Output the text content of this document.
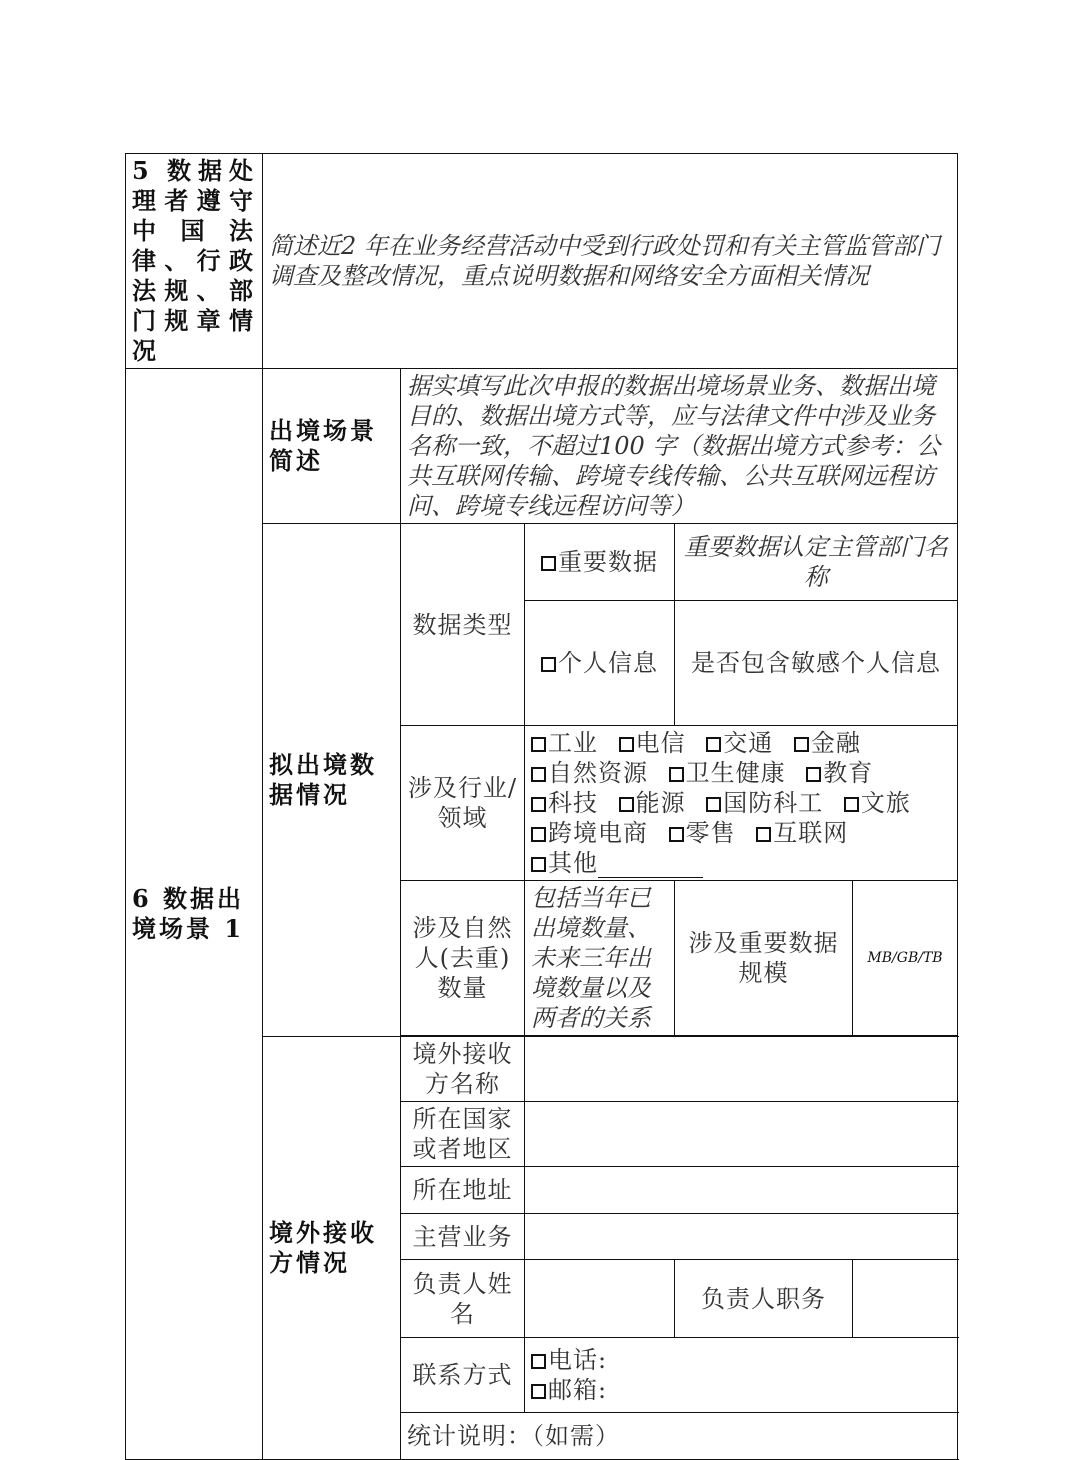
5 数据处理者遵守中国法律、行政法规、部门规章情况	简述近2 年在业务经营活动中受到行政处罚和有关主管监管部门调查及整改情况，重点说明数据和网络安全方面相关情况					

6 数据出境场景 1	出境场景简述	据实填写此次申报的数据出境场景业务、数据出境目的、数据出境方式等，应与法律文件中涉及业务名称一致，不超过100 字（数据出境方式参考：公共互联网传输、跨境专线传输、公共互联网远程访问、跨境专线远程访问等）				

	拟出境数据情况	数据类型	重要数据	重要数据认定主管部门名称		

			个人信息	是否包含敏感个人信息

		涉及行业/领域	工业 电信 交通 金融
自然资源 卫生健康 教育
科技 能源 国防科工 文旅
跨境电商 零售 互联网
其他			

		涉及自然人(去重)数量	包括当年已出境数量、未来三年出境数量以及两者的关系	涉及重要数据规模	MB/GB/TB	

	境外接收方情况	境外接收方名称				

		所在国家或者地区				

		所在地址				

		主营业务				

		负责人姓名		负责人职务		

		联系方式	电话:
邮箱:			

		统计说明：（如需）				
